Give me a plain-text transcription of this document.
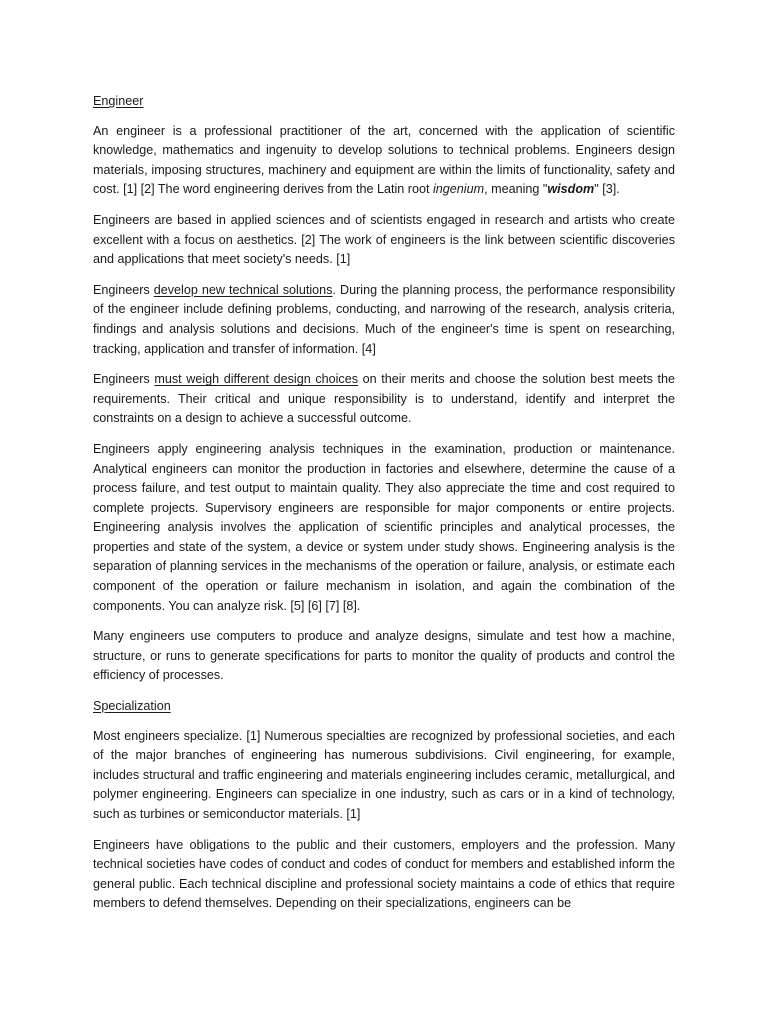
Engineer

An engineer is a professional practitioner of the art, concerned with the application of scientific knowledge, mathematics and ingenuity to develop solutions to technical problems. Engineers design materials, imposing structures, machinery and equipment are within the limits of functionality, safety and cost. [1] [2] The word engineering derives from the Latin root ingenium, meaning "wisdom" [3].

Engineers are based in applied sciences and of scientists engaged in research and artists who create excellent with a focus on aesthetics. [2] The work of engineers is the link between scientific discoveries and applications that meet society's needs. [1]

Engineers develop new technical solutions. During the planning process, the performance responsibility of the engineer include defining problems, conducting, and narrowing of the research, analysis criteria, findings and analysis solutions and decisions. Much of the engineer's time is spent on researching, tracking, application and transfer of information. [4]

Engineers must weigh different design choices on their merits and choose the solution best meets the requirements. Their critical and unique responsibility is to understand, identify and interpret the constraints on a design to achieve a successful outcome.

Engineers apply engineering analysis techniques in the examination, production or maintenance. Analytical engineers can monitor the production in factories and elsewhere, determine the cause of a process failure, and test output to maintain quality. They also appreciate the time and cost required to complete projects. Supervisory engineers are responsible for major components or entire projects. Engineering analysis involves the application of scientific principles and analytical processes, the properties and state of the system, a device or system under study shows. Engineering analysis is the separation of planning services in the mechanisms of the operation or failure, analysis, or estimate each component of the operation or failure mechanism in isolation, and again the combination of the components. You can analyze risk. [5] [6] [7] [8].

Many engineers use computers to produce and analyze designs, simulate and test how a machine, structure, or runs to generate specifications for parts to monitor the quality of products and control the efficiency of processes.

Specialization

Most engineers specialize. [1] Numerous specialties are recognized by professional societies, and each of the major branches of engineering has numerous subdivisions. Civil engineering, for example, includes structural and traffic engineering and materials engineering includes ceramic, metallurgical, and polymer engineering. Engineers can specialize in one industry, such as cars or in a kind of technology, such as turbines or semiconductor materials. [1]

Engineers have obligations to the public and their customers, employers and the profession. Many technical societies have codes of conduct and codes of conduct for members and established inform the general public. Each technical discipline and professional society maintains a code of ethics that require members to defend themselves. Depending on their specializations, engineers can be
